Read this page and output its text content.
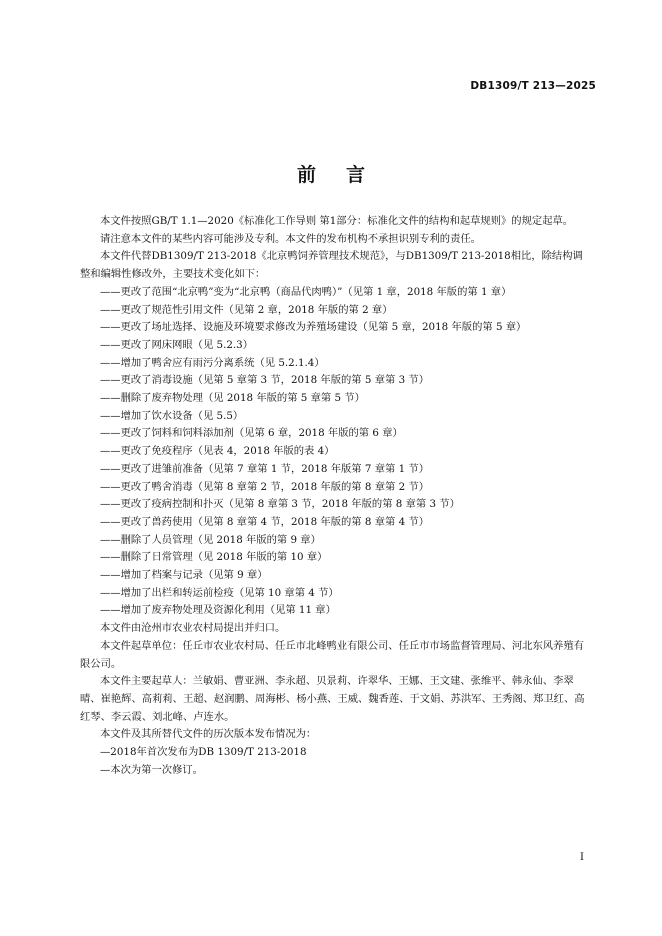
DB1309/T 213—2025
前言

本文件按照GB/T 1.1—2020《标准化工作导则 第1部分：标准化文件的结构和起草规则》的规定起草。

请注意本文件的某些内容可能涉及专利。本文件的发布机构不承担识别专利的责任。

本文件代替DB1309/T 213-2018《北京鸭饲养管理技术规范》，与DB1309/T 213-2018相比，除结构调整和编辑性修改外，主要技术变化如下：

——更改了范围“北京鸭”变为“北京鸭（商品代肉鸭）”（见第 1 章，2018 年版的第 1 章）

——更改了规范性引用文件（见第 2 章，2018 年版的第 2 章）

——更改了场址选择、设施及环境要求修改为养殖场建设（见第 5 章，2018 年版的第 5 章）

——更改了网床网眼（见 5.2.3）

——增加了鸭舍应有雨污分离系统（见 5.2.1.4）

——更改了消毒设施（见第 5 章第 3 节，2018 年版的第 5 章第 3 节）

——删除了废弃物处理（见 2018 年版的第 5 章第 5 节）

——增加了饮水设备（见 5.5）

——更改了饲料和饲料添加剂（见第 6 章，2018 年版的第 6 章）

——更改了免疫程序（见表 4，2018 年版的表 4）

——更改了进雏前准备（见第 7 章第 1 节，2018 年版第 7 章第 1 节）

——更改了鸭舍消毒（见第 8 章第 2 节，2018 年版的第 8 章第 2 节）

——更改了疫病控制和扑灭（见第 8 章第 3 节，2018 年版的第 8 章第 3 节）

——更改了兽药使用（见第 8 章第 4 节，2018 年版的第 8 章第 4 节）

——删除了人员管理（见 2018 年版的第 9 章）

——删除了日常管理（见 2018 年版的第 10 章）

——增加了档案与记录（见第 9 章）

——增加了出栏和转运前检疫（见第 10 章第 4 节）

——增加了废弃物处理及资源化利用（见第 11 章）

本文件由沧州市农业农村局提出并归口。

本文件起草单位：任丘市农业农村局、任丘市北峰鸭业有限公司、任丘市市场监督管理局、河北东风养殖有限公司。

本文件主要起草人：兰敏娟、曹亚洲、李永超、贝景莉、许翠华、王娜、王文建、张维平、韩永仙、李翠晴、崔艳辉、高莉莉、王超、赵润鹏、周海彬、杨小燕、王威、魏香莲、于文娟、苏洪军、王秀阁、郑卫红、高红琴、李云霞、刘北峰、卢连水。

本文件及其所替代文件的历次版本发布情况为：

—2018年首次发布为DB 1309/T 213-2018

—本次为第一次修订。

I
